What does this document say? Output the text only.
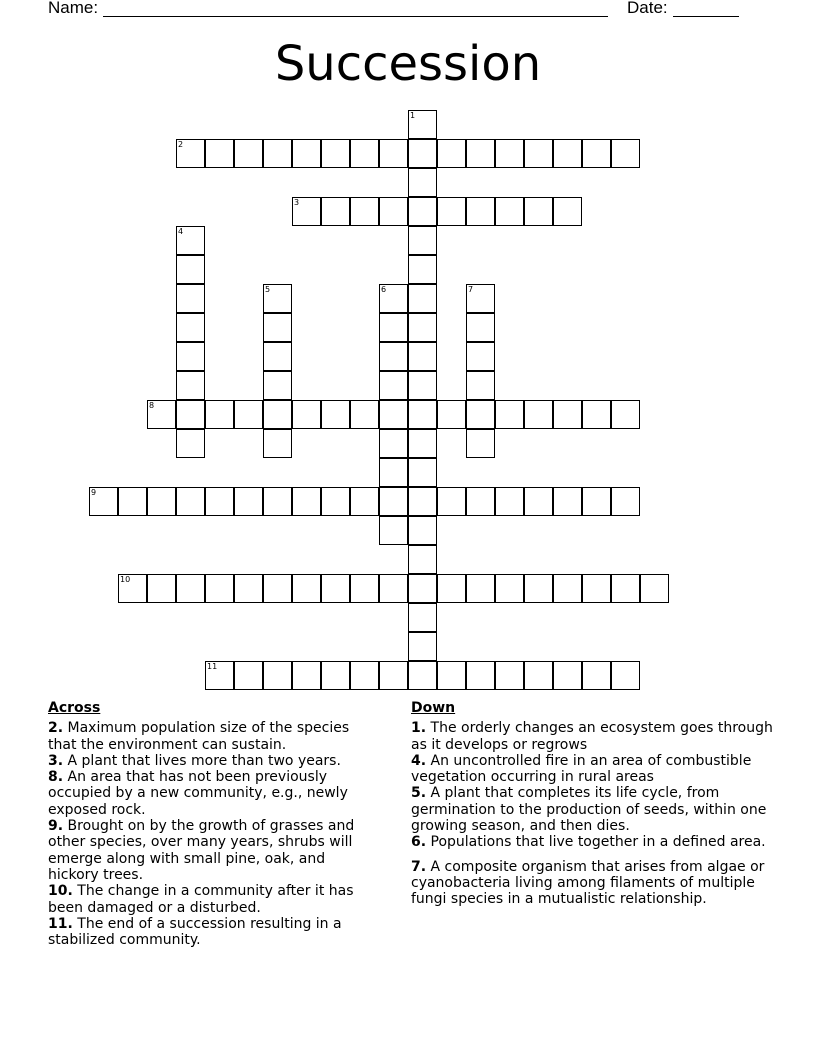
Name:	Date:
Succession
1
2
3
4
5	6	7
8
9
10
11
Across
2. Maximum population size of the species that the environment can sustain.
3. A plant that lives more than two years.
8. An area that has not been previously occupied by a new community, e.g., newly exposed rock.
9. Brought on by the growth of grasses and other species, over many years, shrubs will emerge along with small pine, oak, and hickory trees.
10. The change in a community after it has been damaged or a disturbed.
11. The end of a succession resulting in a stabilized community.
Down
1. The orderly changes an ecosystem goes through as it develops or regrows
4. An uncontrolled fire in an area of combustible vegetation occurring in rural areas
5. A plant that completes its life cycle, from germination to the production of seeds, within one growing season, and then dies.
6. Populations that live together in a defined area.
7. A composite organism that arises from algae or cyanobacteria living among filaments of multiple fungi species in a mutualistic relationship.
